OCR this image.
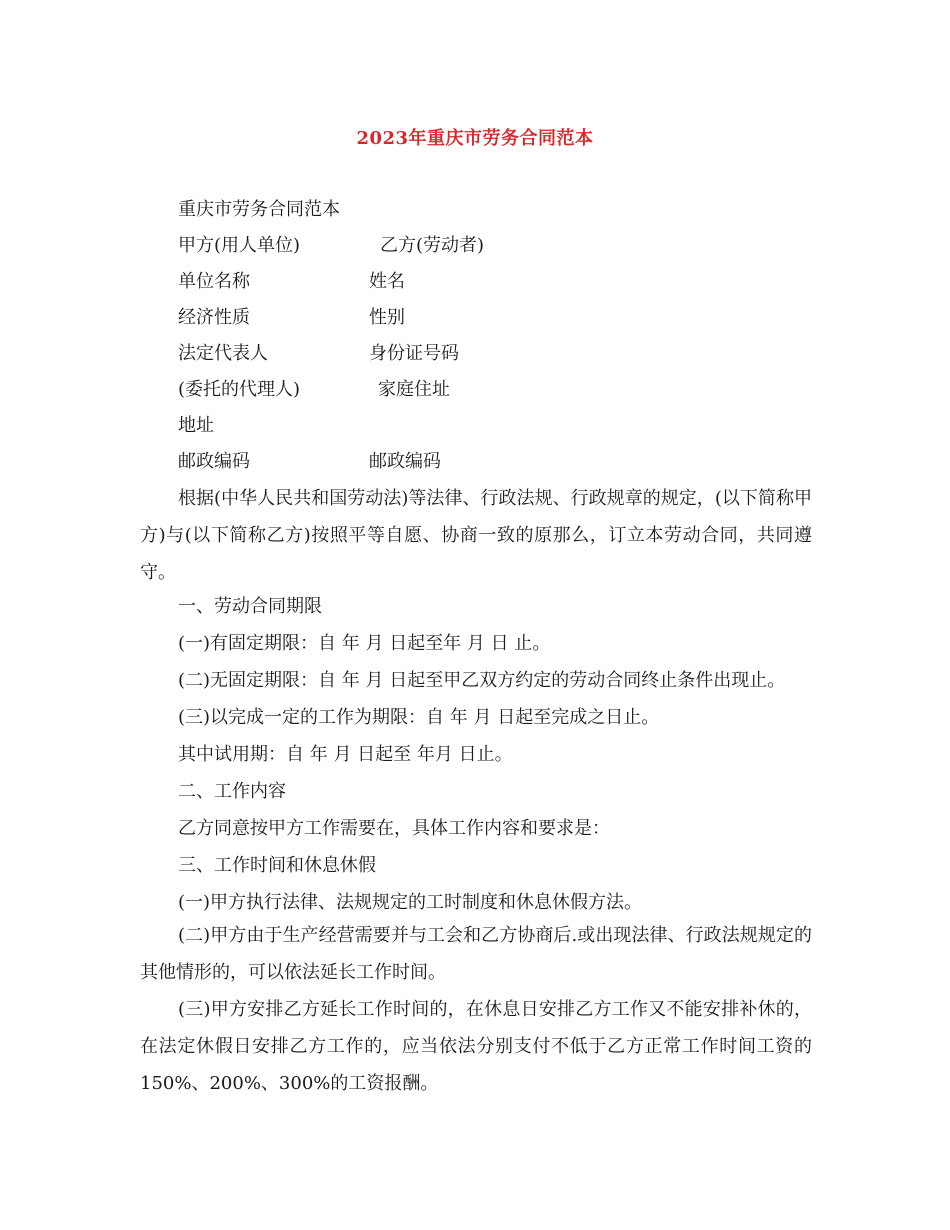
2023年重庆市劳务合同范本
重庆市劳务合同范本
甲方(用人单位)	乙方(劳动者)
单位名称	姓名
经济性质	性别
法定代表人	身份证号码
(委托的代理人)	家庭住址
地址
邮政编码	邮政编码
根据(中华人民共和国劳动法)等法律、行政法规、行政规章的规定，(以下简称甲方)与(以下简称乙方)按照平等自愿、协商一致的原那么，订立本劳动合同，共同遵守。
一、劳动合同期限
(一)有固定期限：自 年 月 日起至年 月 日 止。
(二)无固定期限：自 年 月 日起至甲乙双方约定的劳动合同终止条件出现止。
(三)以完成一定的工作为期限：自 年 月 日起至完成之日止。
其中试用期：自 年 月 日起至 年月 日止。
二、工作内容
乙方同意按甲方工作需要在，具体工作内容和要求是：
三、工作时间和休息休假
(一)甲方执行法律、法规规定的工时制度和休息休假方法。
(二)甲方由于生产经营需要并与工会和乙方协商后.或出现法律、行政法规规定的其他情形的，可以依法延长工作时间。
(三)甲方安排乙方延长工作时间的，在休息日安排乙方工作又不能安排补休的，在法定休假日安排乙方工作的，应当依法分别支付不低于乙方正常工作时间工资的150%、200%、300%的工资报酬。
